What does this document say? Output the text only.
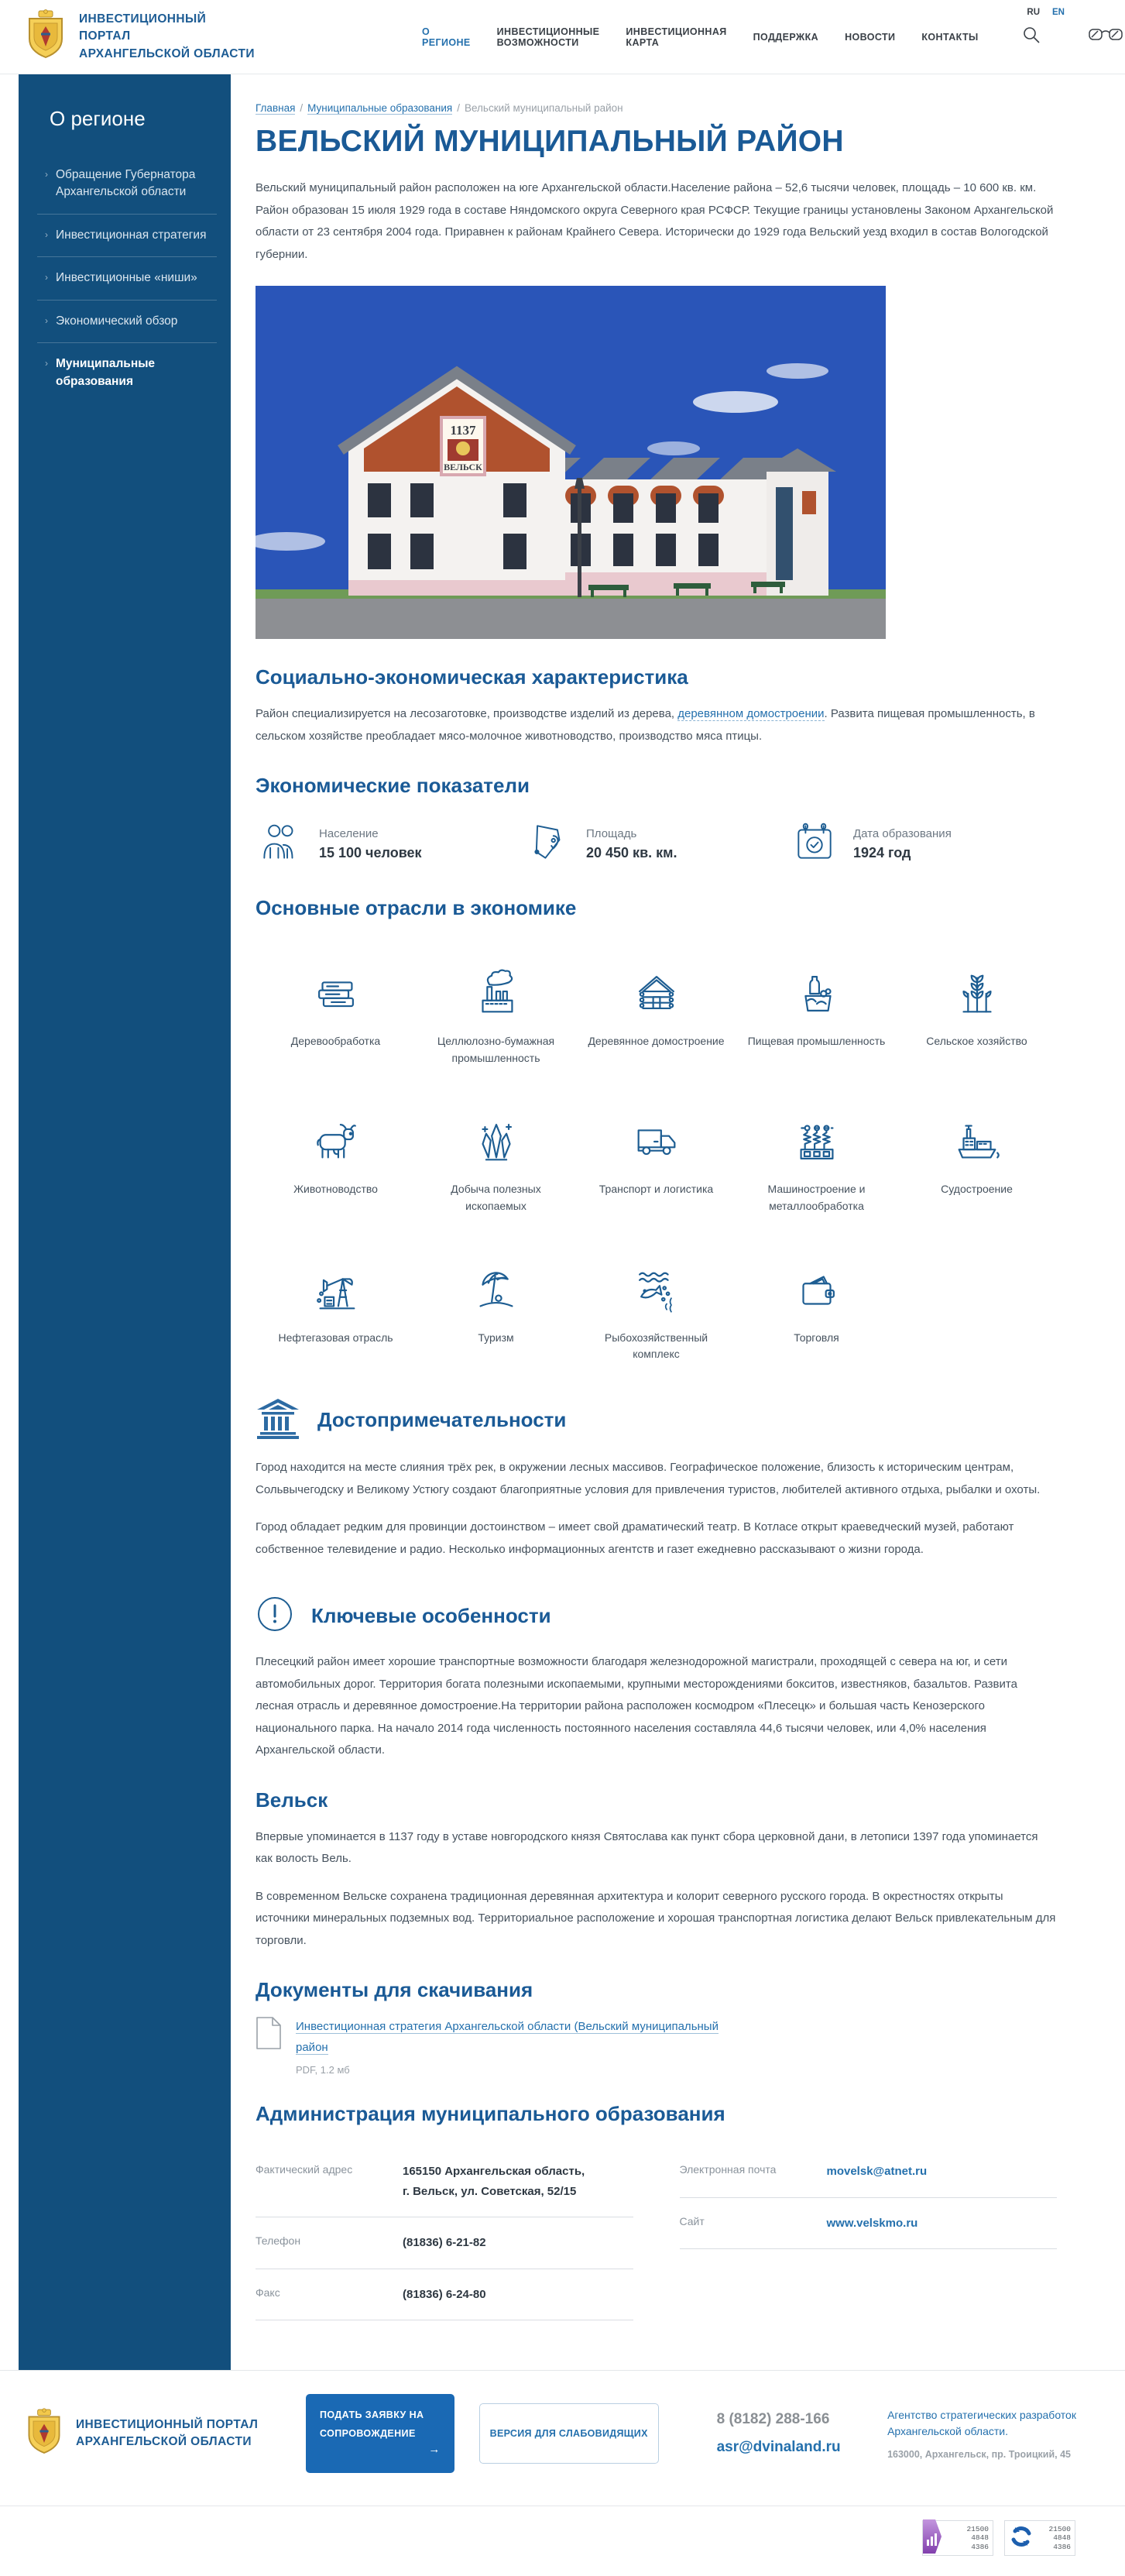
RU EN
ИНВЕСТИЦИОННЫЙ ПОРТАЛ
АРХАНГЕЛЬСКОЙ ОБЛАСТИ
О РЕГИОНЕ
ИНВЕСТИЦИОННЫЕ ВОЗМОЖНОСТИ
ИНВЕСТИЦИОННАЯ КАРТА	ПОДДЕРЖКА	НОВОСТИ	КОНТАКТЫ
О регионе
› Обращение Губернатора Архангельской области
› Инвестиционная стратегия
› Инвестиционные «ниши»
› Экономический обзор
› Муниципальные образования
Главная / Муниципальные образования / Вельский муниципальный район
ВЕЛЬСКИЙ МУНИЦИПАЛЬНЫЙ РАЙОН

Вельский муниципальный район расположен на юге Архангельской области.Население района – 52,6 тысячи человек, площадь – 10 600 кв. км. Район образован 15 июля 1929 года в составе Няндомского округа Северного края РСФСР. Текущие границы установлены Законом Архангельской области от 23 сентября 2004 года. Приравнен к районам Крайнего Севера. Исторически до 1929 года Вельский уезд входил в состав Вологодской губернии.

1137
ВЕЛЬСК
Социально-экономическая характеристика

Район специализируется на лесозаготовке, производстве изделий из дерева, деревянном домостроении. Развита пищевая промышленность, в сельском хозяйстве преобладает мясо-молочное животноводство, производство мяса птицы.

Экономические показатели
Население
15 100 человек
Площадь
20 450 кв. км.
Дата образования
1924 год
Основные отрасли в экономике
Деревообработка	Целлюлозно-бумажная промышленность
Деревянное домостроение Пищевая промышленность	Сельское хозяйство
Животноводство	Добыча полезных ископаемых
Транспорт и логистика	Машиностроение и металлообработка
Судостроение
Нефтегазовая отрасль	Туризм	Рыбохозяйственный комплекс
Торговля
Достопримечательности

Город находится на месте слияния трёх рек, в окружении лесных массивов. Географическое положение, близость к историческим центрам, Сольвычегодску и Великому Устюгу создают благоприятные условия для привлечения туристов, любителей активного отдыха, рыбалки и охоты.

Город обладает редким для провинции достоинством – имеет свой драматический театр. В Котласе открыт краеведческий музей, работают собственное телевидение и радио. Несколько информационных агентств и газет ежедневно рассказывают о жизни города.

Ключевые особенности

Плесецкий район имеет хорошие транспортные возможности благодаря железнодорожной магистрали, проходящей с севера на юг, и сети автомобильных дорог. Территория богата полезными ископаемыми, крупными месторождениями бокситов, известняков, базальтов. Развита лесная отрасль и деревянное домостроение.На территории района расположен космодром «Плесецк» и большая часть Кенозерского национального парка. На начало 2014 года численность постоянного населения составляла 44,6 тысячи человек, или 4,0% населения Архангельской области.

Вельск

Впервые упоминается в 1137 году в уставе новгородского князя Святослава как пункт сбора церковной дани, в летописи 1397 года упоминается как волость Вель.

В современном Вельске сохранена традиционная деревянная архитектура и колорит северного русского города. В окрестностях открыты источники минеральных подземных вод. Территориальное расположение и хорошая транспортная логистика делают Вельск привлекательным для торговли.

Документы для скачивания
Инвестиционная стратегия Архангельской области (Вельский муниципальный район
PDF, 1.2 мб
Администрация муниципального образования
Фактический адрес	165150 Архангельская область,
г. Вельск, ул. Советская, 52/15
Телефон	(81836) 6-21-82
Факс	(81836) 6-24-80
Электронная почта	movelsk@atnet.ru
Сайт	www.velskmo.ru
ИНВЕСТИЦИОННЫЙ ПОРТАЛ
АРХАНГЕЛЬСКОЙ ОБЛАСТИ
ПОДАТЬ ЗАЯВКУ НА СОПРОВОЖДЕНИЕ
→
ВЕРСИЯ ДЛЯ СЛАБОВИДЯЩИХ
8 (8182) 288-166
asr@dvinaland.ru
Агентство стратегических разработок Архангельской области.
163000, Архангельск, пр. Троицкий, 45
21500
4848
4386
21500
4848
4386
